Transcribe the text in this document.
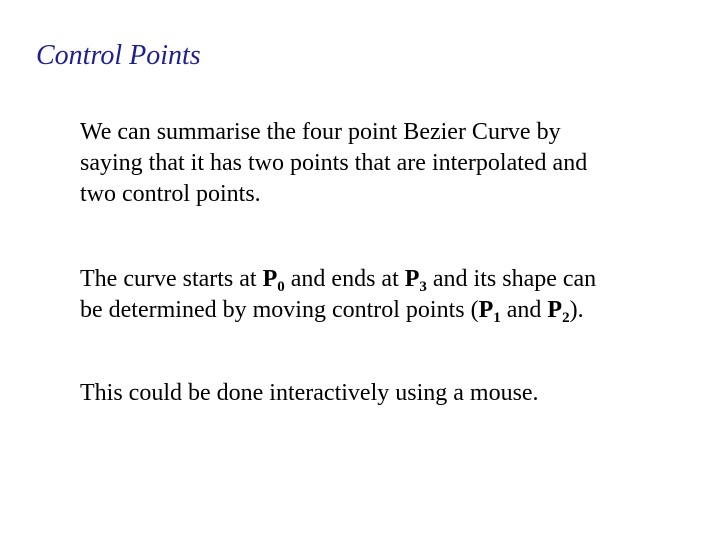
Control Points

We can summarise the four point Bezier Curve by
saying that it has two points that are interpolated and
two control points.

The curve starts at $P_0$ and ends at $P_3$ and its shape can
be determined by moving control points ($P_1$ and $P_2$).

This could be done interactively using a mouse.
